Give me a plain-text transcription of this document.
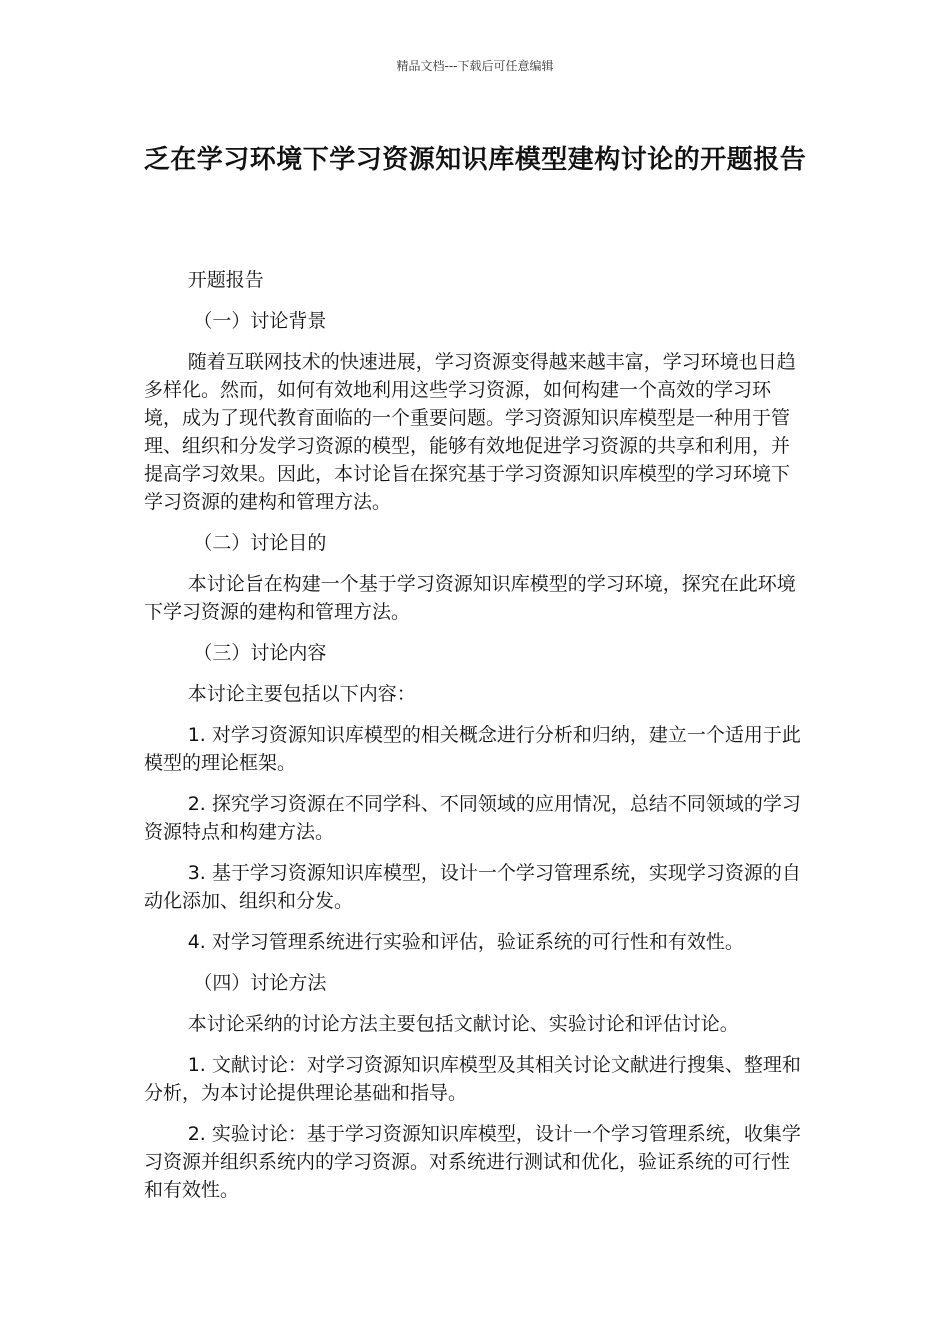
精品文档---下载后可任意编辑
乏在学习环境下学习资源知识库模型建构讨论的开题报告

开题报告

（一）讨论背景

随着互联网技术的快速进展，学习资源变得越来越丰富，学习环境也日趋多样化。然而，如何有效地利用这些学习资源，如何构建一个高效的学习环境，成为了现代教育面临的一个重要问题。学习资源知识库模型是一种用于管理、组织和分发学习资源的模型，能够有效地促进学习资源的共享和利用，并提高学习效果。因此，本讨论旨在探究基于学习资源知识库模型的学习环境下学习资源的建构和管理方法。

（二）讨论目的

本讨论旨在构建一个基于学习资源知识库模型的学习环境，探究在此环境下学习资源的建构和管理方法。

（三）讨论内容

本讨论主要包括以下内容：

1. 对学习资源知识库模型的相关概念进行分析和归纳，建立一个适用于此模型的理论框架。

2. 探究学习资源在不同学科、不同领域的应用情况，总结不同领域的学习资源特点和构建方法。

3. 基于学习资源知识库模型，设计一个学习管理系统，实现学习资源的自动化添加、组织和分发。

4. 对学习管理系统进行实验和评估，验证系统的可行性和有效性。

（四）讨论方法

本讨论采纳的讨论方法主要包括文献讨论、实验讨论和评估讨论。

1. 文献讨论：对学习资源知识库模型及其相关讨论文献进行搜集、整理和分析，为本讨论提供理论基础和指导。

2. 实验讨论：基于学习资源知识库模型，设计一个学习管理系统，收集学习资源并组织系统内的学习资源。对系统进行测试和优化，验证系统的可行性和有效性。
